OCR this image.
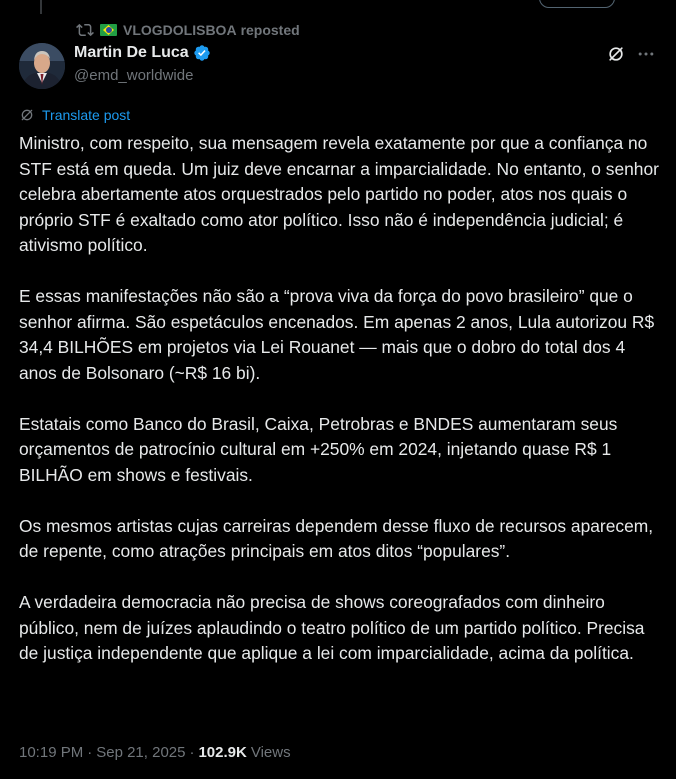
VLOGDOLISBOA reposted
Martin De Luca
@emd_worldwide
Translate post

Ministro, com respeito, sua mensagem revela exatamente por que a confiança no STF está em queda. Um juiz deve encarnar a imparcialidade. No entanto, o senhor celebra abertamente atos orquestrados pelo partido no poder, atos nos quais o próprio STF é exaltado como ator político. Isso não é independência judicial; é ativismo político.

E essas manifestações não são a “prova viva da força do povo brasileiro” que o senhor afirma. São espetáculos encenados. Em apenas 2 anos, Lula autorizou R$ 34,4 BILHÕES em projetos via Lei Rouanet — mais que o dobro do total dos 4 anos de Bolsonaro (~R$ 16 bi).

Estatais como Banco do Brasil, Caixa, Petrobras e BNDES aumentaram seus orçamentos de patrocínio cultural em +250% em 2024, injetando quase R$ 1 BILHÃO em shows e festivais.

Os mesmos artistas cujas carreiras dependem desse fluxo de recursos aparecem, de repente, como atrações principais em atos ditos “populares”.

A verdadeira democracia não precisa de shows coreografados com dinheiro público, nem de juízes aplaudindo o teatro político de um partido político. Precisa de justiça independente que aplique a lei com imparcialidade, acima da política.

10:19 PM · Sep 21, 2025 · 102.9K Views
